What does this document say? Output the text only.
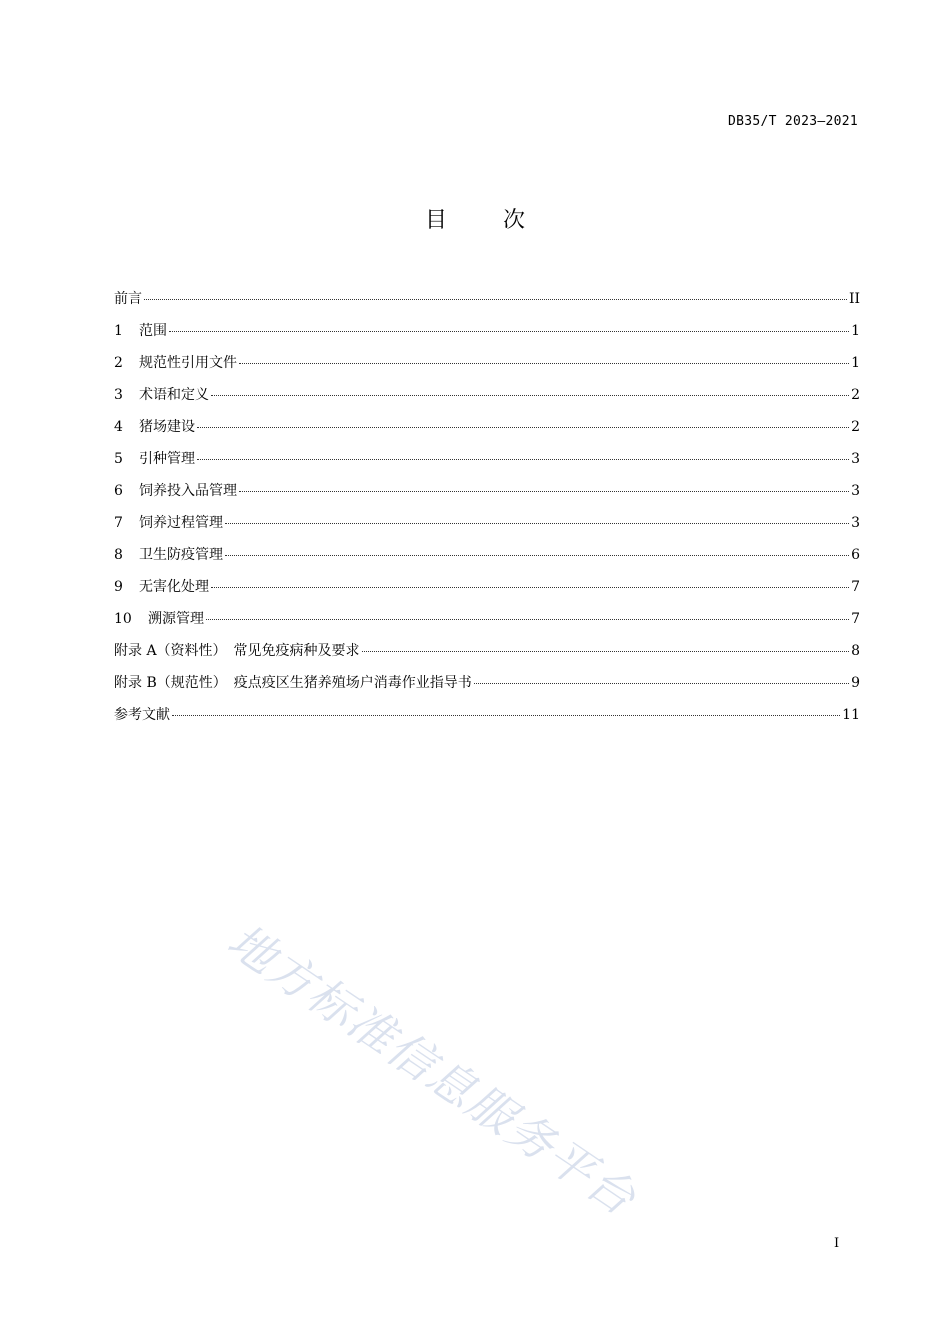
DB35/T 2023—2021
目	次
前言	II
1	范围	1
2	规范性引用文件	1
3	术语和定义	2
4	猪场建设	2
5	引种管理	3
6	饲养投入品管理	3
7	饲养过程管理	3
8	卫生防疫管理	6
9	无害化处理	7
10	溯源管理	7
附录 A（资料性）　常见免疫病种及要求	8
附录 B（规范性）　疫点疫区生猪养殖场户消毒作业指导书	9
参考文献	11
地方标准信息服务平台
I
